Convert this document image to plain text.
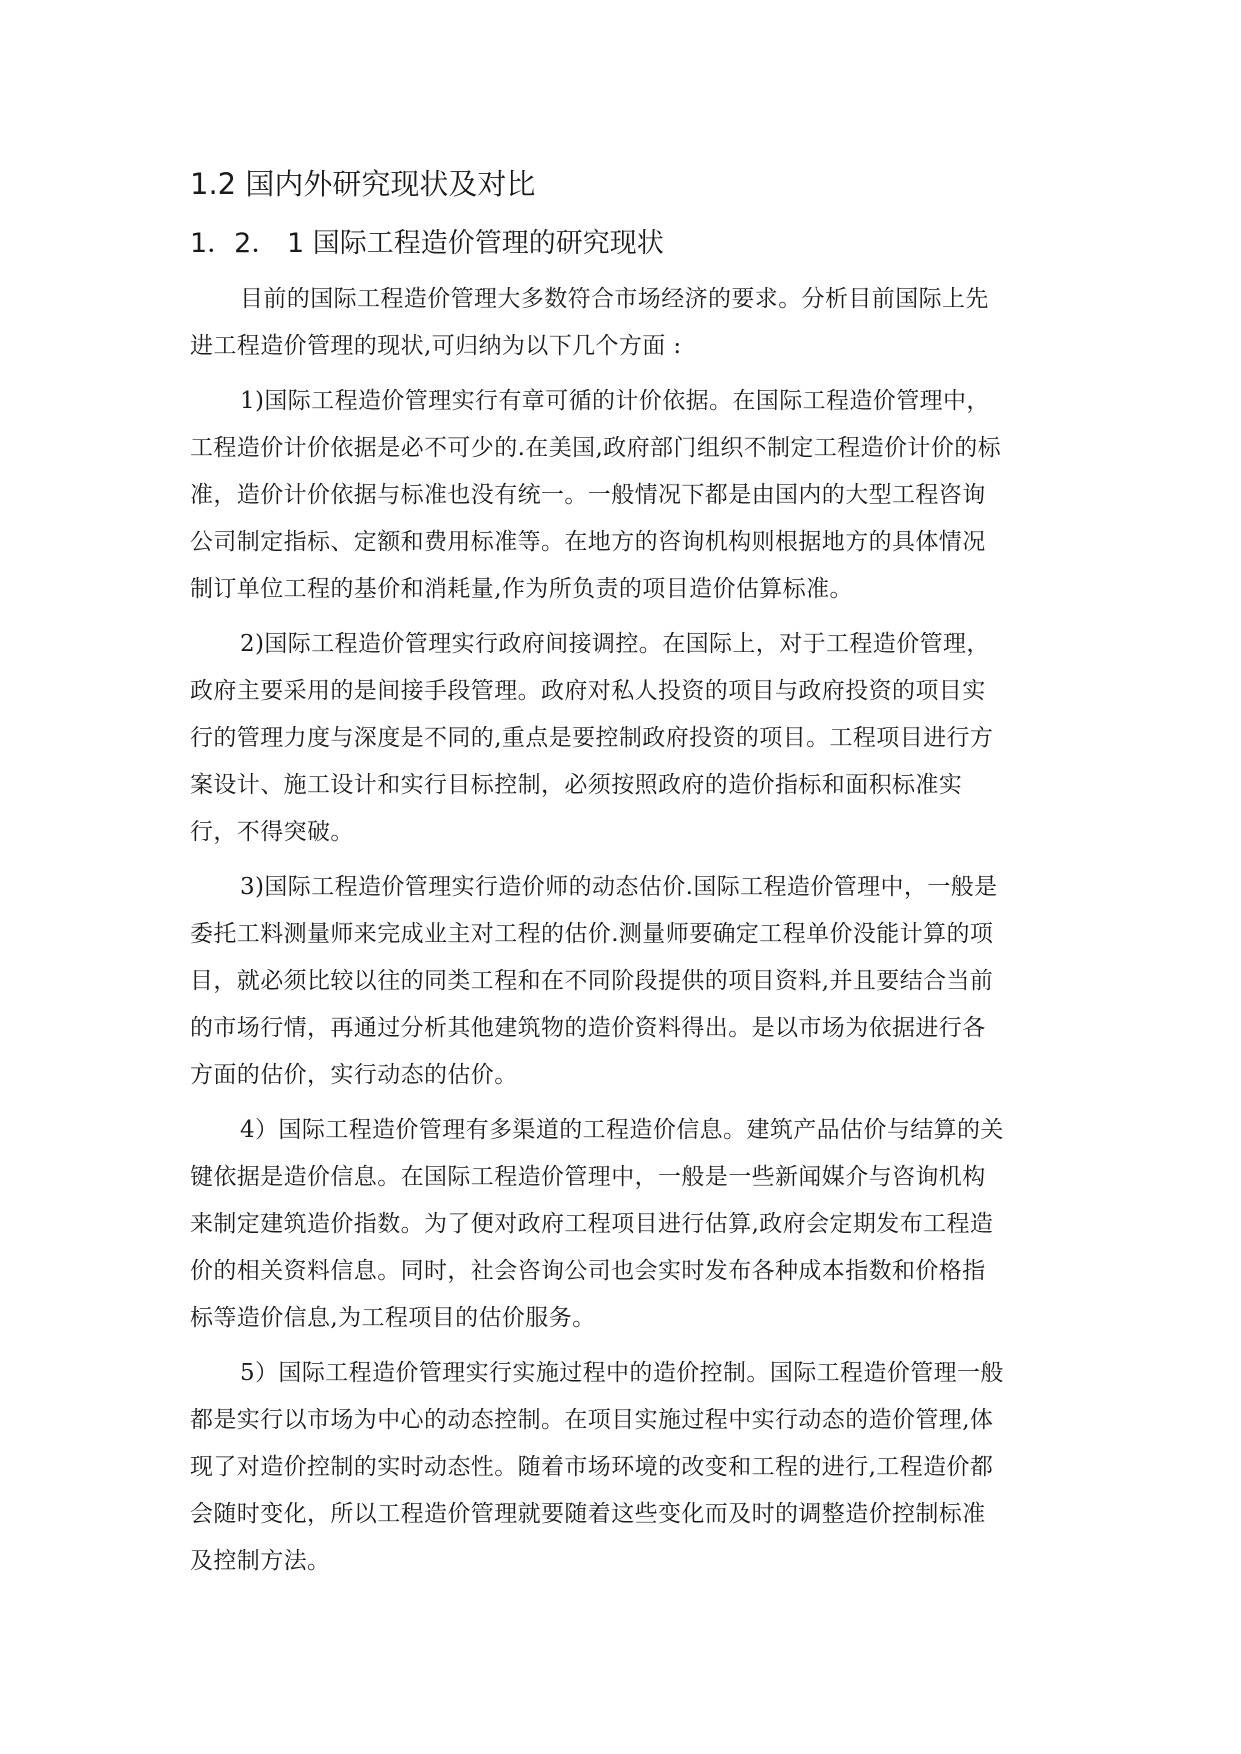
1.2 国内外研究现状及对比
1．2． 1 国际工程造价管理的研究现状
目前的国际工程造价管理大多数符合市场经济的要求。分析目前国际上先
进工程造价管理的现状,可归纳为以下几个方面 :
1)国际工程造价管理实行有章可循的计价依据。在国际工程造价管理中，
工程造价计价依据是必不可少的.在美国,政府部门组织不制定工程造价计价的标
准，造价计价依据与标准也没有统一。一般情况下都是由国内的大型工程咨询
公司制定指标、定额和费用标准等。在地方的咨询机构则根据地方的具体情况
制订单位工程的基价和消耗量,作为所负责的项目造价估算标准。
2)国际工程造价管理实行政府间接调控。在国际上，对于工程造价管理，
政府主要采用的是间接手段管理。政府对私人投资的项目与政府投资的项目实
行的管理力度与深度是不同的,重点是要控制政府投资的项目。工程项目进行方
案设计、施工设计和实行目标控制，必须按照政府的造价指标和面积标准实
行，不得突破。
3)国际工程造价管理实行造价师的动态估价.国际工程造价管理中，一般是
委托工料测量师来完成业主对工程的估价.测量师要确定工程单价没能计算的项
目，就必须比较以往的同类工程和在不同阶段提供的项目资料,并且要结合当前
的市场行情，再通过分析其他建筑物的造价资料得出。是以市场为依据进行各
方面的估价，实行动态的估价。
4）国际工程造价管理有多渠道的工程造价信息。建筑产品估价与结算的关
键依据是造价信息。在国际工程造价管理中，一般是一些新闻媒介与咨询机构
来制定建筑造价指数。为了便对政府工程项目进行估算,政府会定期发布工程造
价的相关资料信息。同时，社会咨询公司也会实时发布各种成本指数和价格指
标等造价信息,为工程项目的估价服务。
5）国际工程造价管理实行实施过程中的造价控制。国际工程造价管理一般
都是实行以市场为中心的动态控制。在项目实施过程中实行动态的造价管理,体
现了对造价控制的实时动态性。随着市场环境的改变和工程的进行,工程造价都
会随时变化，所以工程造价管理就要随着这些变化而及时的调整造价控制标准
及控制方法。
